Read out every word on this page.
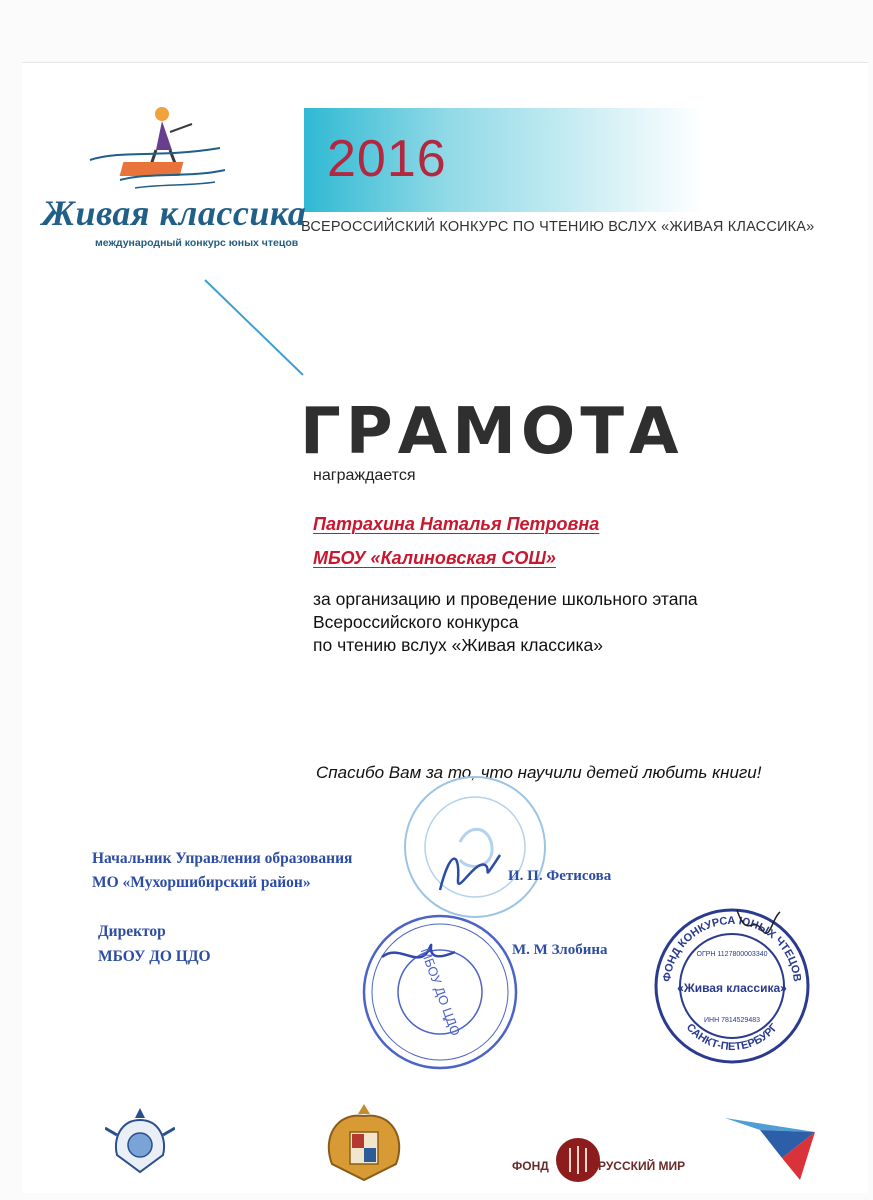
2016
ВСЕРОССИЙСКИЙ КОНКУРС ПО ЧТЕНИЮ ВСЛУХ «ЖИВАЯ КЛАССИКА»
Живая классика
международный конкурс юных чтецов
ГРАМОТА
награждается
Патрахина Наталья Петровна
МБОУ «Калиновская СОШ»
за организацию и проведение школьного этапа
Всероссийского конкурса
по чтению вслух «Живая классика»
Спасибо Вам за то, что научили детей любить книги!
Начальник Управления образования
МО «Мухоршибирский район»	И. П. Фетисова
Директор
МБОУ ДО ЦДО	М. М Злобина
МБОУ ДО ЦДО	ФОНД КОНКУРСА ЮНЫХ ЧТЕЦОВ
САНКТ-ПЕТЕРБУРГ
ОГРН 1127800003340
«Живая классика»
ИНН 7814529483
ФОНД	РУССКИЙ МИР
